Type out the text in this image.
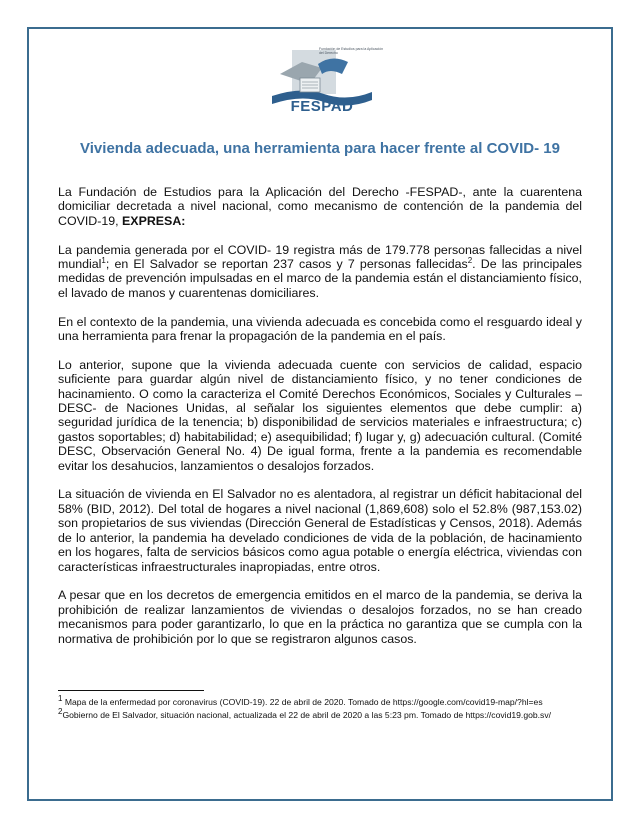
Fundación de Estudios para la Aplicación del Derecho
FESPAD
Vivienda adecuada, una herramienta para hacer frente al COVID- 19

La Fundación de Estudios para la Aplicación del Derecho -FESPAD-, ante la cuarentena domiciliar decretada a nivel nacional, como mecanismo de contención de la pandemia del COVID-19, EXPRESA:

La pandemia generada por el COVID- 19 registra más de 179.778 personas fallecidas a nivel mundial$^1$; en El Salvador se reportan 237 casos y 7 personas fallecidas$^2$. De las principales medidas de prevención impulsadas en el marco de la pandemia están el distanciamiento físico, el lavado de manos y cuarentenas domiciliares.

En el contexto de la pandemia, una vivienda adecuada es concebida como el resguardo ideal y una herramienta para frenar la propagación de la pandemia en el país.

Lo anterior, supone que la vivienda adecuada cuente con servicios de calidad, espacio suficiente para guardar algún nivel de distanciamiento físico, y no tener condiciones de hacinamiento. O como la caracteriza el Comité Derechos Económicos, Sociales y Culturales – DESC- de Naciones Unidas, al señalar los siguientes elementos que debe cumplir: a) seguridad jurídica de la tenencia; b) disponibilidad de servicios materiales e infraestructura; c) gastos soportables; d) habitabilidad; e) asequibilidad; f) lugar y, g) adecuación cultural. (Comité DESC, Observación General No. 4) De igual forma, frente a la pandemia es recomendable evitar los desahucios, lanzamientos o desalojos forzados.

La situación de vivienda en El Salvador no es alentadora, al registrar un déficit habitacional del 58% (BID, 2012). Del total de hogares a nivel nacional (1,869,608) solo el 52.8% (987,153.02) son propietarios de sus viviendas (Dirección General de Estadísticas y Censos, 2018). Además de lo anterior, la pandemia ha develado condiciones de vida de la población, de hacinamiento en los hogares, falta de servicios básicos como agua potable o energía eléctrica, viviendas con características infraestructurales inapropiadas, entre otros.

A pesar que en los decretos de emergencia emitidos en el marco de la pandemia, se deriva la prohibición de realizar lanzamientos de viviendas o desalojos forzados, no se han creado mecanismos para poder garantizarlo, lo que en la práctica no garantiza que se cumpla con la normativa de prohibición por lo que se registraron algunos casos.

$^1$ Mapa de la enfermedad por coronavirus (COVID-19). 22 de abril de 2020. Tomado de https://google.com/covid19-map/?hl=es

$^2$Gobierno de El Salvador, situación nacional, actualizada el 22 de abril de 2020 a las 5:23 pm. Tomado de https://covid19.gob.sv/
